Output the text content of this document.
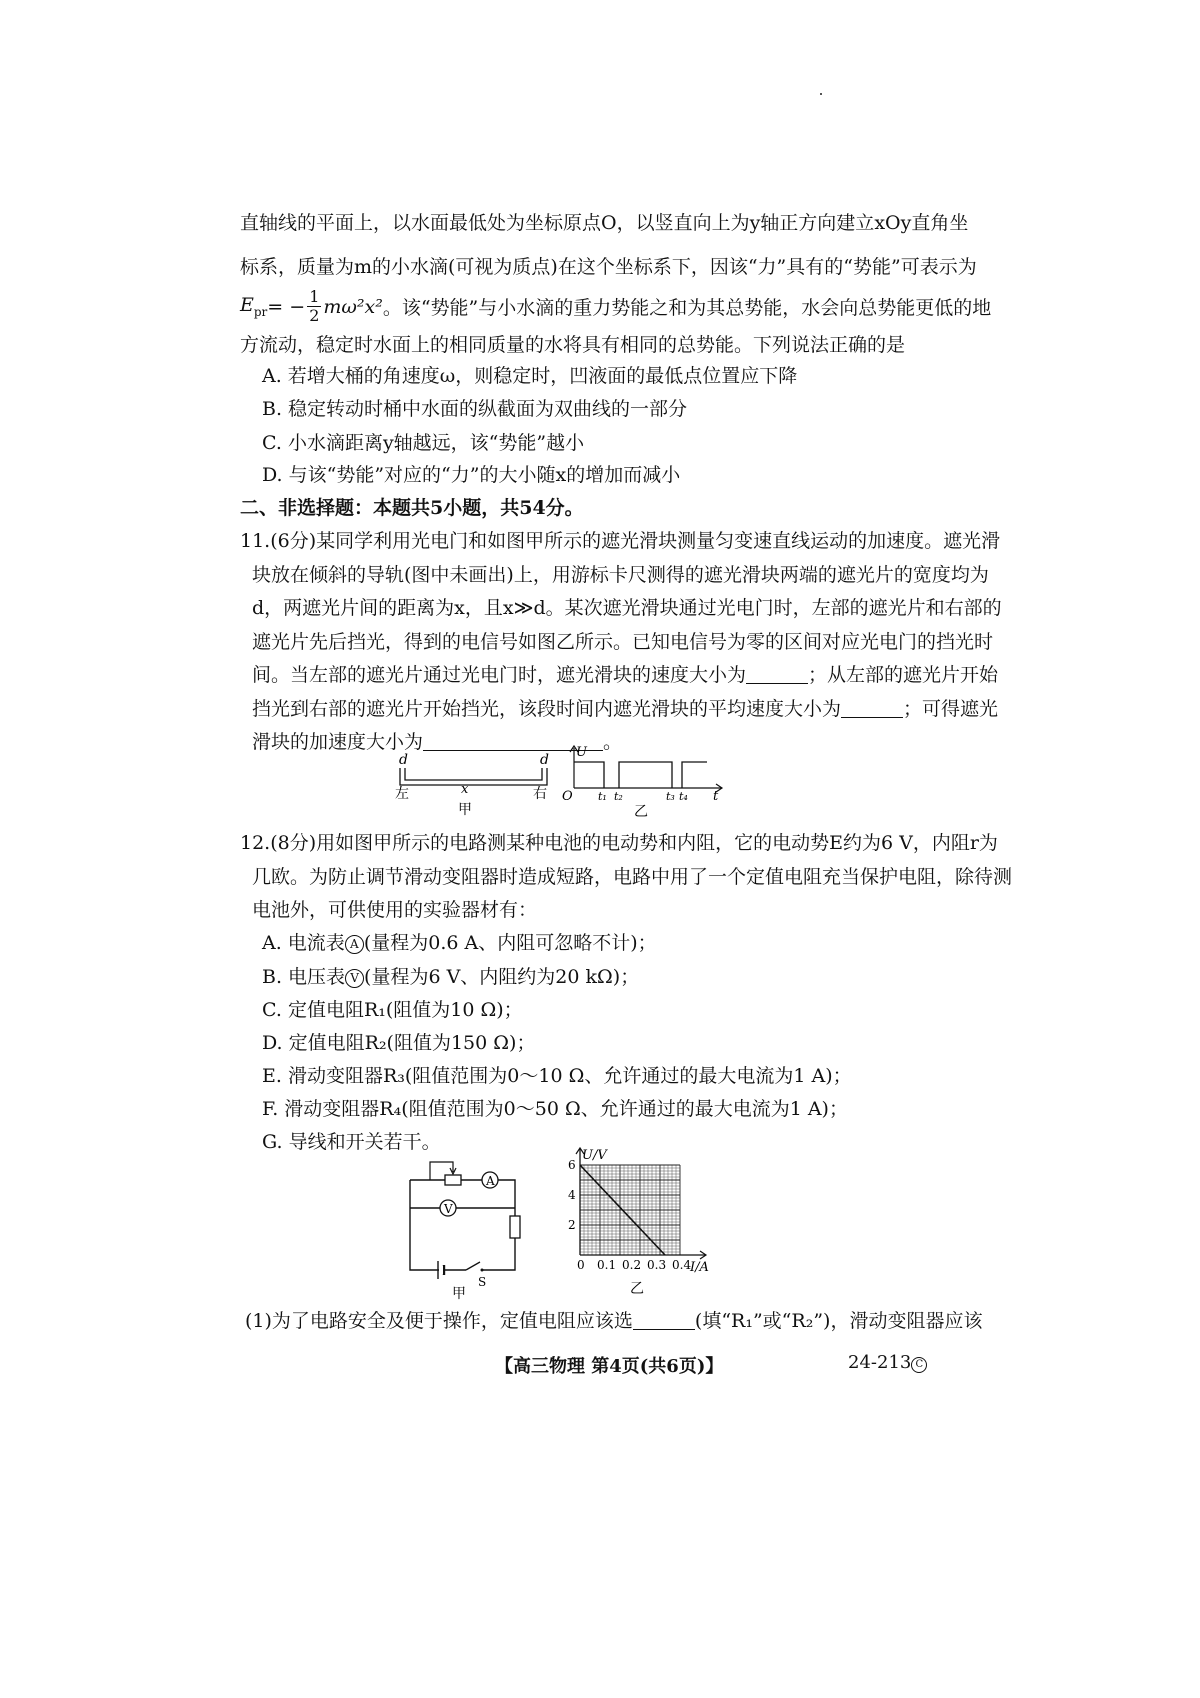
直轴线的平面上，以水面最低处为坐标原点O，以竖直向上为y轴正方向建立xOy直角坐
标系，质量为m的小水滴(可视为质点)在这个坐标系下，因该“力”具有的“势能”可表示为
$E_{pr}$ = − $\frac{1}{2} m\omega^2x^2$ 。该“势能”与小水滴的重力势能之和为其总势能，水会向总势能更低的地
方流动，稳定时水面上的相同质量的水将具有相同的总势能。下列说法正确的是
A. 若增大桶的角速度ω，则稳定时，凹液面的最低点位置应下降
B. 稳定转动时桶中水面的纵截面为双曲线的一部分
C. 小水滴距离y轴越远，该“势能”越小
D. 与该“势能”对应的“力”的大小随x的增加而减小
二、非选择题：本题共5小题，共54分。
11.(6分)某同学利用光电门和如图甲所示的遮光滑块测量匀变速直线运动的加速度。遮光滑
块放在倾斜的导轨(图中未画出)上，用游标卡尺测得的遮光滑块两端的遮光片的宽度均为
d，两遮光片间的距离为x，且x≫d。某次遮光滑块通过光电门时，左部的遮光片和右部的
遮光片先后挡光，得到的电信号如图乙所示。已知电信号为零的区间对应光电门的挡光时
间。当左部的遮光片通过光电门时，遮光滑块的速度大小为	；从左部的遮光片开始
挡光到右部的遮光片开始挡光，该段时间内遮光滑块的平均速度大小为	；可得遮光
滑块的加速度大小为	。
d	d
x
左	右
甲
U
O t₁ t₂	t₃ t₄ t
乙
12.(8分)用如图甲所示的电路测某种电池的电动势和内阻，它的电动势E约为6 V，内阻r为
几欧。为防止调节滑动变阻器时造成短路，电路中用了一个定值电阻充当保护电阻，除待测
电池外，可供使用的实验器材有：
A. 电流表 A (量程为0.6 A、内阻可忽略不计)；
B. 电压表 V (量程为6 V、内阻约为20 kΩ)；
C. 定值电阻R₁(阻值为10 Ω)；
D. 定值电阻R₂(阻值为150 Ω)；
E. 滑动变阻器R₃(阻值范围为0～10 Ω、允许通过的最大电流为1 A)；
F. 滑动变阻器R₄(阻值范围为0～50 Ω、允许通过的最大电流为1 A)；
G. 导线和开关若干。
A
V
S
甲
0 0.1 0.2 0.3 0.4
2
4
6
U/V
I/A
乙
(1)为了电路安全及便于操作，定值电阻应该选	(填“R₁”或“R₂”)，滑动变阻器应该
【高三物理 第4页(共6页)】	24-213 C
